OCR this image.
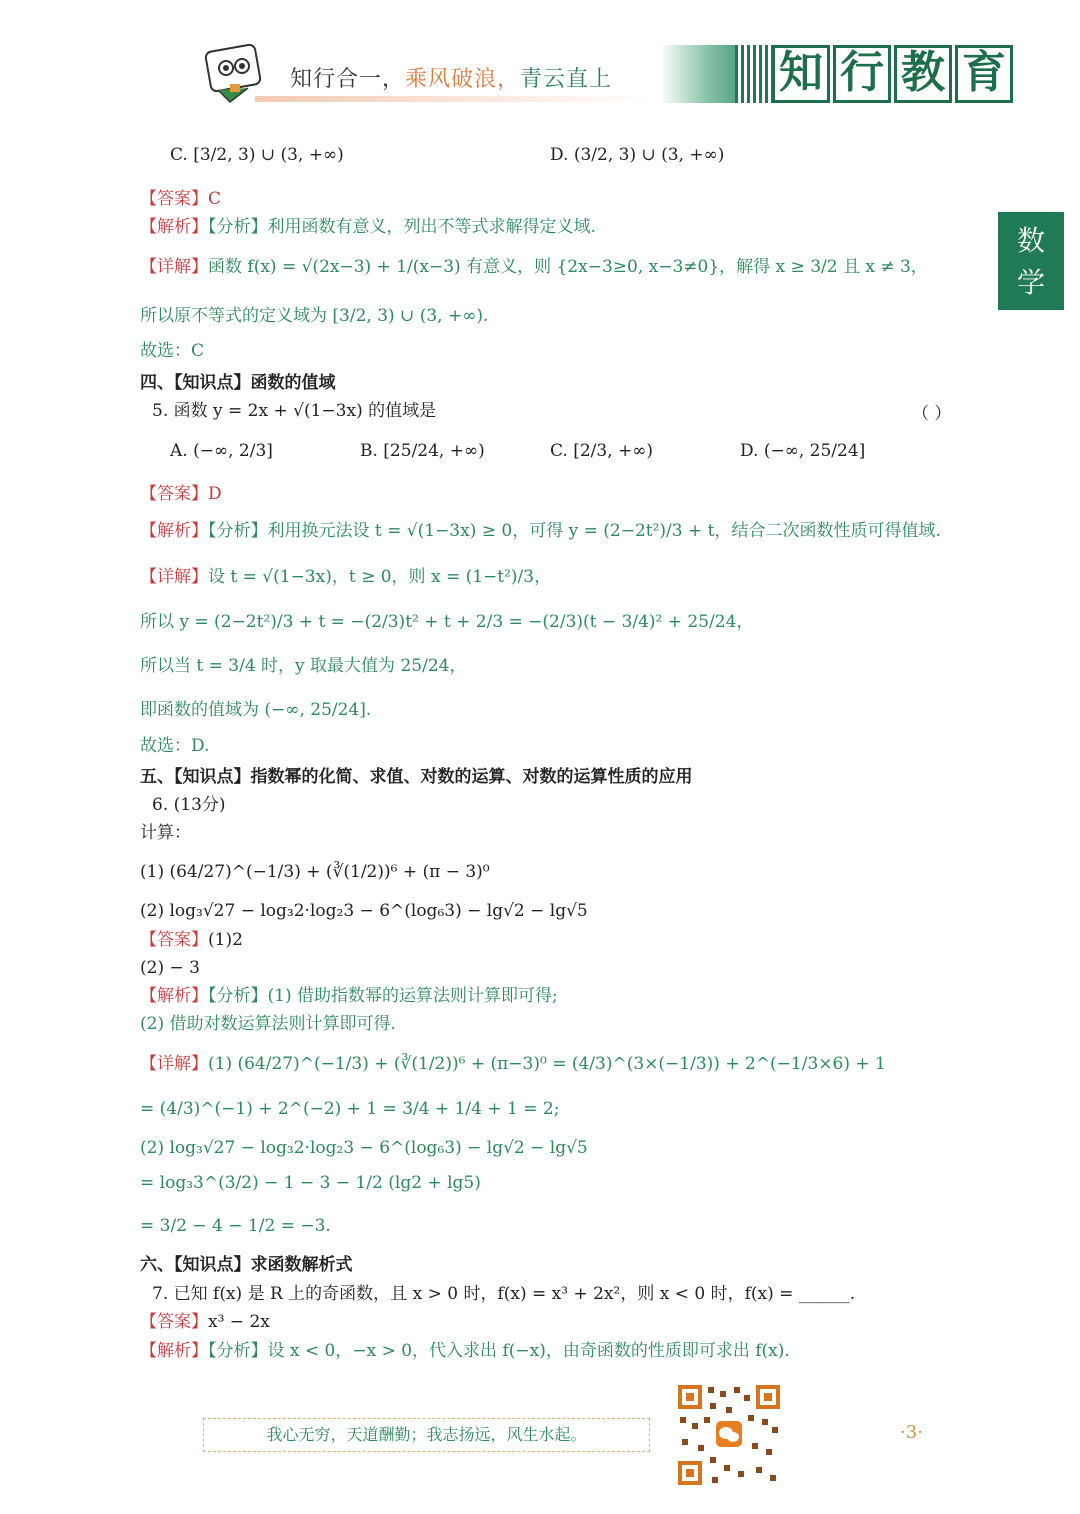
知行合一，乘风破浪，青云直上	知 行 教 育
数
学
C. [3/2, 3) ∪ (3, +∞)	D. (3/2, 3) ∪ (3, +∞)
【答案】C
【解析】【分析】利用函数有意义，列出不等式求解得定义域.
【详解】函数 f(x) = √(2x−3) + 1/(x−3) 有意义，则 {2x−3≥0, x−3≠0}，解得 x ≥ 3/2 且 x ≠ 3，
所以原不等式的定义域为 [3/2, 3) ∪ (3, +∞).
故选：C
四、【知识点】函数的值域
5. 函数 y = 2x + √(1−3x) 的值域是	（ ）
A. (−∞, 2/3]	B. [25/24, +∞)	C. [2/3, +∞)	D. (−∞, 25/24]
【答案】D
【解析】【分析】利用换元法设 t = √(1−3x) ≥ 0，可得 y = (2−2t²)/3 + t，结合二次函数性质可得值域.
【详解】设 t = √(1−3x)，t ≥ 0，则 x = (1−t²)/3，
所以 y = (2−2t²)/3 + t = −(2/3)t² + t + 2/3 = −(2/3)(t − 3/4)² + 25/24，
所以当 t = 3/4 时，y 取最大值为 25/24，
即函数的值域为 (−∞, 25/24].
故选：D.
五、【知识点】指数幂的化简、求值、对数的运算、对数的运算性质的应用
6. (13分)
计算：
(1) (64/27)^(−1/3) + (∛(1/2))⁶ + (π − 3)⁰
(2) log₃√27 − log₃2·log₂3 − 6^(log₆3) − lg√2 − lg√5
【答案】(1)2
(2) − 3
【解析】【分析】(1) 借助指数幂的运算法则计算即可得;
(2) 借助对数运算法则计算即可得.
【详解】(1) (64/27)^(−1/3) + (∛(1/2))⁶ + (π−3)⁰ = (4/3)^(3×(−1/3)) + 2^(−1/3×6) + 1
= (4/3)^(−1) + 2^(−2) + 1 = 3/4 + 1/4 + 1 = 2;
(2) log₃√27 − log₃2·log₂3 − 6^(log₆3) − lg√2 − lg√5
= log₃3^(3/2) − 1 − 3 − 1/2 (lg2 + lg5)
= 3/2 − 4 − 1/2 = −3.
六、【知识点】求函数解析式
7. 已知 f(x) 是 R 上的奇函数，且 x > 0 时，f(x) = x³ + 2x²，则 x < 0 时，f(x) = ______.
【答案】x³ − 2x
【解析】【分析】设 x < 0，−x > 0，代入求出 f(−x)，由奇函数的性质即可求出 f(x).
我心无穷，天道酬勤；我志扬远，风生水起。	·3·
